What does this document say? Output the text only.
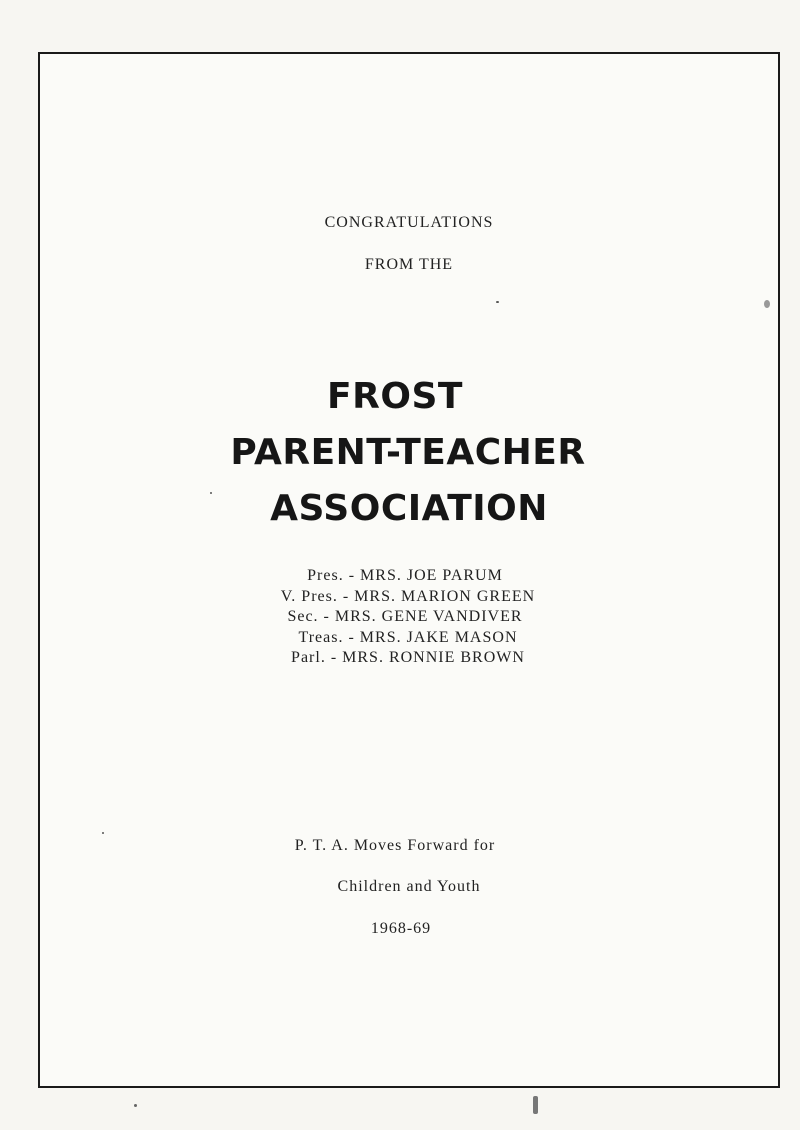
CONGRATULATIONS
FROM THE
FROST
PARENT-TEACHER
ASSOCIATION
Pres. - MRS. JOE PARUM
V. Pres. - MRS. MARION GREEN
Sec. - MRS. GENE VANDIVER
Treas. - MRS. JAKE MASON
Parl. - MRS. RONNIE BROWN
P. T. A. Moves Forward for
Children and Youth
1968-69
